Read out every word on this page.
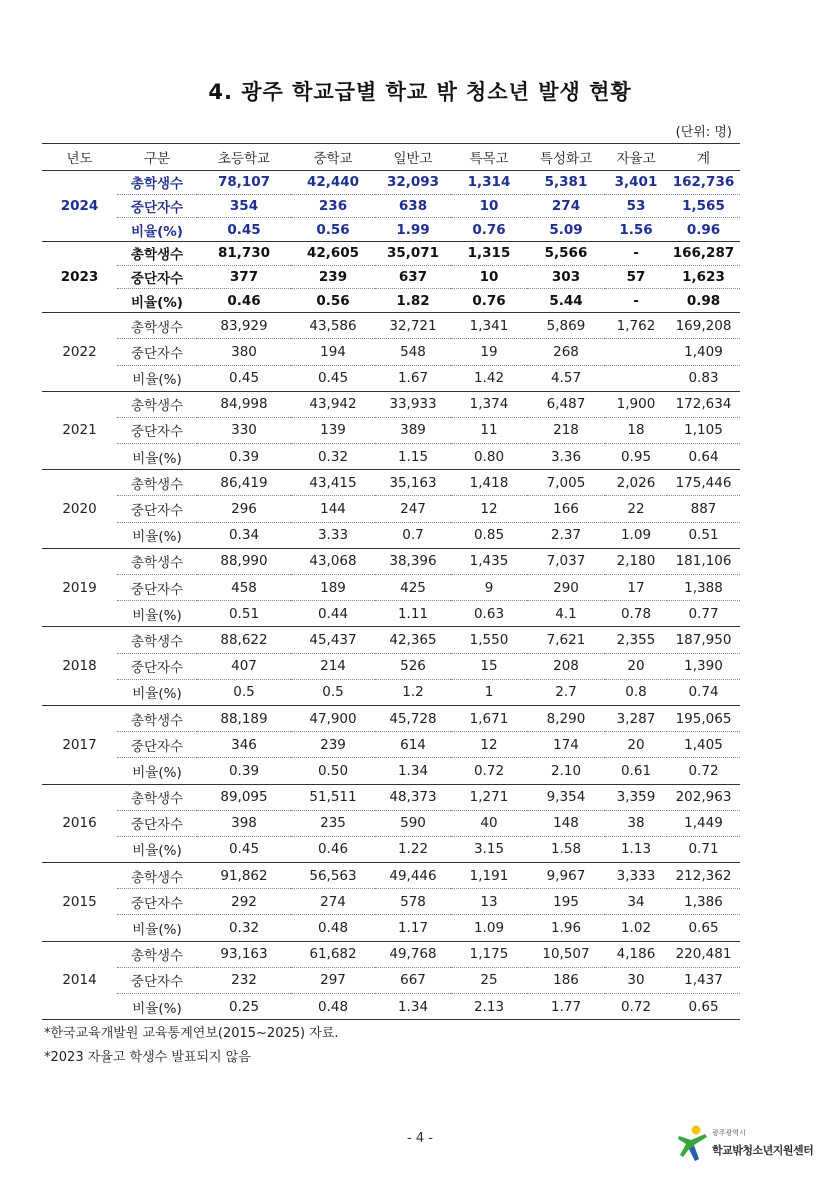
4. 광주 학교급별 학교 밖 청소년 발생 현황
(단위: 명)
년도	구분	초등학교	중학교	일반고	특목고	특성화고	자율고	계
2024	총학생수	78,107	42,440	32,093	1,314	5,381	3,401	162,736
	중단자수	354	236	638	10	274	53	1,565
	비율(%)	0.45	0.56	1.99	0.76	5.09	1.56	0.96
2023	총학생수	81,730	42,605	35,071	1,315	5,566	-	166,287
	중단자수	377	239	637	10	303	57	1,623
	비율(%)	0.46	0.56	1.82	0.76	5.44	-	0.98
2022	총학생수	83,929	43,586	32,721	1,341	5,869	1,762	169,208
	중단자수	380	194	548	19	268		1,409
	비율(%)	0.45	0.45	1.67	1.42	4.57		0.83
2021	총학생수	84,998	43,942	33,933	1,374	6,487	1,900	172,634
	중단자수	330	139	389	11	218	18	1,105
	비율(%)	0.39	0.32	1.15	0.80	3.36	0.95	0.64
2020	총학생수	86,419	43,415	35,163	1,418	7,005	2,026	175,446
	중단자수	296	144	247	12	166	22	887
	비율(%)	0.34	3.33	0.7	0.85	2.37	1.09	0.51
2019	총학생수	88,990	43,068	38,396	1,435	7,037	2,180	181,106
	중단자수	458	189	425	9	290	17	1,388
	비율(%)	0.51	0.44	1.11	0.63	4.1	0.78	0.77
2018	총학생수	88,622	45,437	42,365	1,550	7,621	2,355	187,950
	중단자수	407	214	526	15	208	20	1,390
	비율(%)	0.5	0.5	1.2	1	2.7	0.8	0.74
2017	총학생수	88,189	47,900	45,728	1,671	8,290	3,287	195,065
	중단자수	346	239	614	12	174	20	1,405
	비율(%)	0.39	0.50	1.34	0.72	2.10	0.61	0.72
2016	총학생수	89,095	51,511	48,373	1,271	9,354	3,359	202,963
	중단자수	398	235	590	40	148	38	1,449
	비율(%)	0.45	0.46	1.22	3.15	1.58	1.13	0.71
2015	총학생수	91,862	56,563	49,446	1,191	9,967	3,333	212,362
	중단자수	292	274	578	13	195	34	1,386
	비율(%)	0.32	0.48	1.17	1.09	1.96	1.02	0.65
2014	총학생수	93,163	61,682	49,768	1,175	10,507	4,186	220,481
	중단자수	232	297	667	25	186	30	1,437
	비율(%)	0.25	0.48	1.34	2.13	1.77	0.72	0.65
*한국교육개발원 교육통계연보(2015~2025) 자료.
*2023 자율고 학생수 발표되지 않음
- 4 -	광주광역시
학교밖청소년지원센터
